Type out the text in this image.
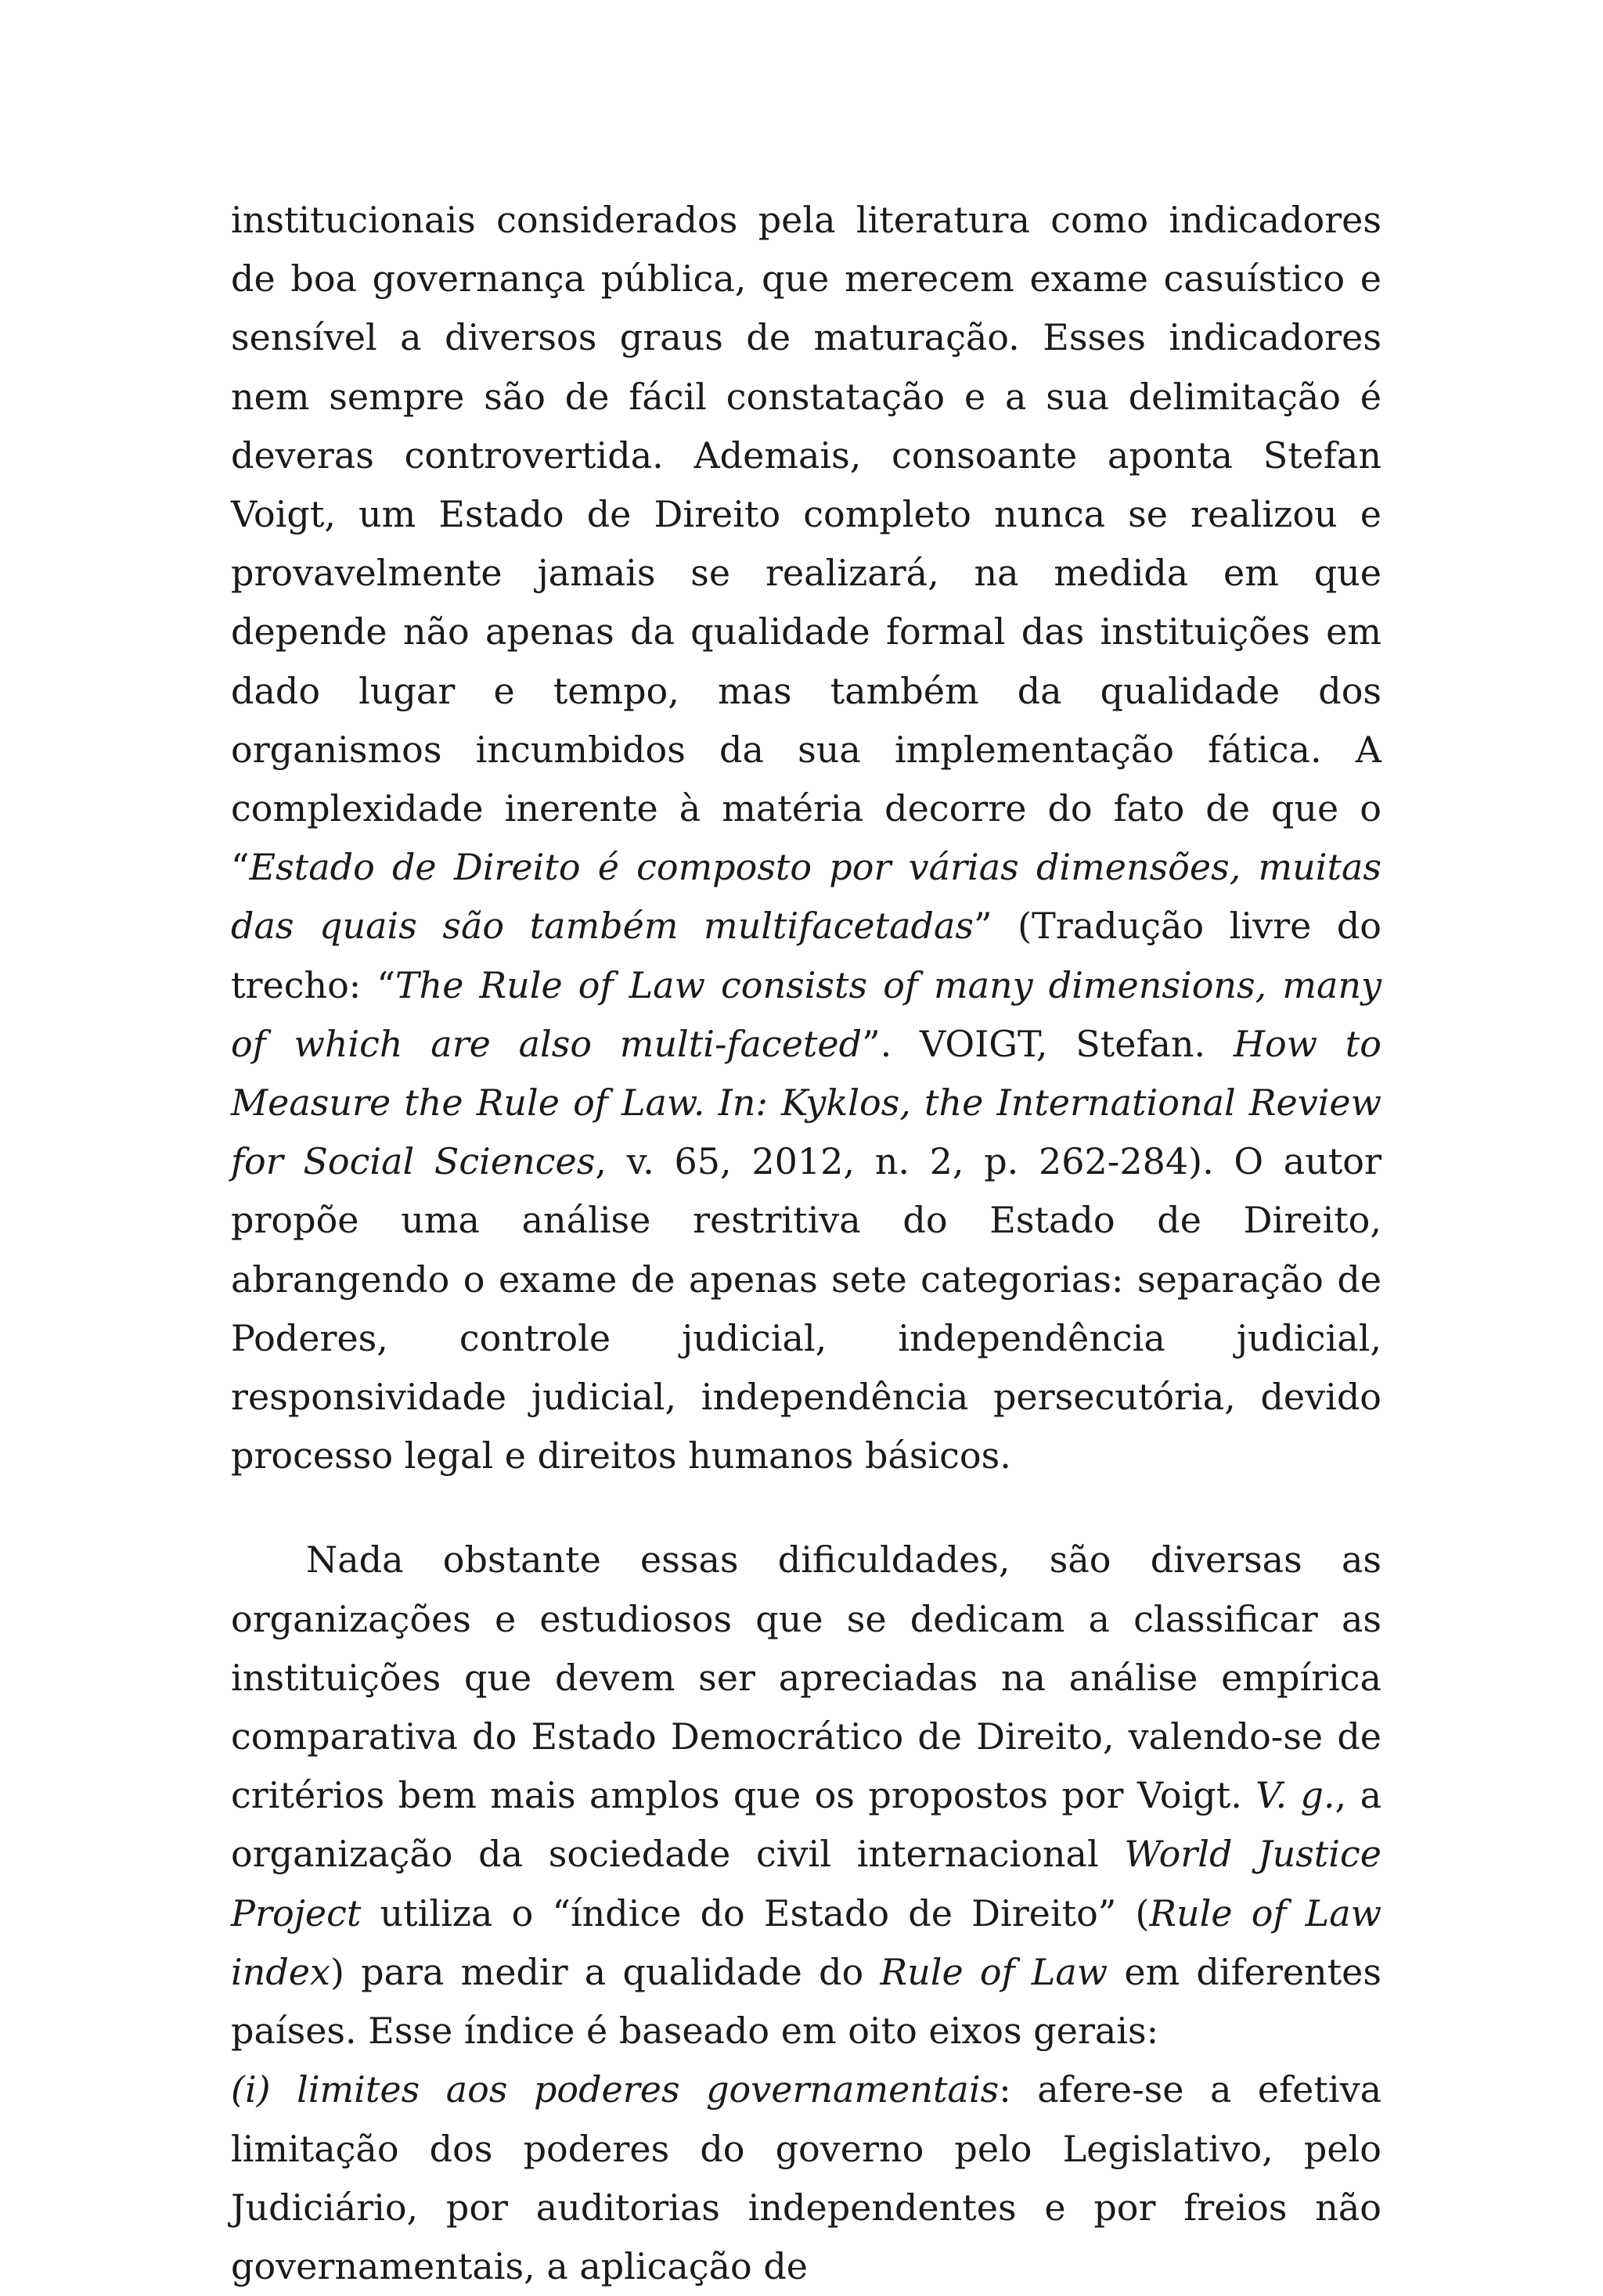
institucionais considerados pela literatura como indicadores de boa governança pública, que merecem exame casuístico e sensível a diversos graus de maturação. Esses indicadores nem sempre são de fácil constatação e a sua delimitação é deveras controvertida. Ademais, consoante aponta Stefan Voigt, um Estado de Direito completo nunca se realizou e provavelmente jamais se realizará, na medida em que depende não apenas da qualidade formal das instituições em dado lugar e tempo, mas também da qualidade dos organismos incumbidos da sua implementação fática. A complexidade inerente à matéria decorre do fato de que o “Estado de Direito é composto por várias dimensões, muitas das quais são também multifacetadas” (Tradução livre do trecho: “The Rule of Law consists of many dimensions, many of which are also multi-faceted”. VOIGT, Stefan. How to Measure the Rule of Law. In: Kyklos, the International Review for Social Sciences, v. 65, 2012, n. 2, p. 262-284). O autor propõe uma análise restritiva do Estado de Direito, abrangendo o exame de apenas sete categorias: separação de Poderes, controle judicial, independência judicial, responsividade judicial, independência persecutória, devido processo legal e direitos humanos básicos.

Nada obstante essas dificuldades, são diversas as organizações e estudiosos que se dedicam a classificar as instituições que devem ser apreciadas na análise empírica comparativa do Estado Democrático de Direito, valendo-se de critérios bem mais amplos que os propostos por Voigt. V. g., a organização da sociedade civil internacional World Justice Project utiliza o “índice do Estado de Direito” (Rule of Law index) para medir a qualidade do Rule of Law em diferentes países. Esse índice é baseado em oito eixos gerais:

(i) limites aos poderes governamentais: afere-se a efetiva limitação dos poderes do governo pelo Legislativo, pelo Judiciário, por auditorias independentes e por freios não governamentais, a aplicação de
